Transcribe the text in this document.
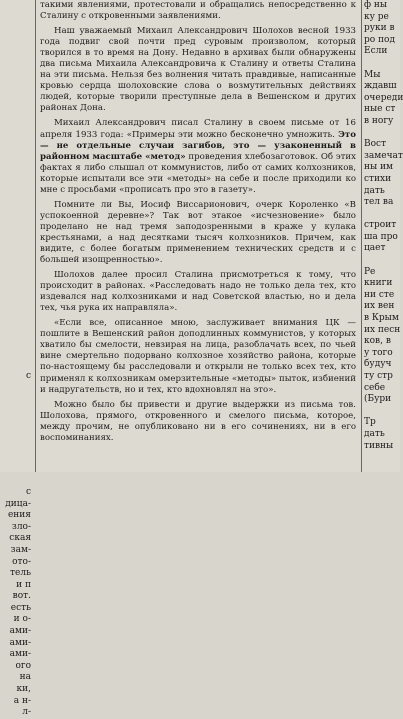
с

с

дица-

ения

зло-

ская

зам-

ото-

тель

и п

вот.

есть

и о-

ами-

ами-

ами-

ого

на

ки,

а н-

л-

такими явлениями, протестовали и обращались непосредственно к Сталину с откровенными заявлениями.

Наш уважаемый Михаил Александрович Шолохов весной 1933 года подвиг свой почти пред суровым произволом, который творился в то время на Дону. Недавно в архивах были обнаружены два письма Михаила Александровича к Сталину и ответы Сталина на эти письма. Нельзя без волнения читать правдивые, написанные кровью сердца шолоховские слова о возмутительных действиях людей, которые творили преступные дела в Вешенском и других районах Дона.

Михаил Александрович писал Сталину в своем письме от 16 апреля 1933 года: «Примеры эти можно бесконечно умножить. Это — не отдельные случаи загибов, это — узаконенный в районном масштабе «метод» проведения хлебозаготовок. Об этих фактах я либо слышал от коммунистов, либо от самих колхозников, которые испытали все эти «методы» на себе и после приходили ко мне с просьбами «прописать про это в газету».

Помните ли Вы, Иосиф Виссарионович, очерк Короленко «В успокоенной деревне»? Так вот этакое «исчезновение» было проделано не над тремя заподозренными в краже у кулака крестьянами, а над десятками тысяч колхозников. Причем, как видите, с более богатым применением технических средств и с большей изощренностью».

Шолохов далее просил Сталина присмотреться к тому, что происходит в районах. «Расследовать надо не только дела тех, кто издевался над колхозниками и над Советской властью, но и дела тех, чья рука их направляла».

«Если все, описанное мною, заслуживает внимания ЦК — пошлите в Вешенский район доподлинных коммунистов, у которых хватило бы смелости, невзирая на лица, разоблачать всех, по чьей вине смертельно подорвано колхозное хозяйство района, которые по-настоящему бы расследовали и открыли не только всех тех, кто применял к колхозникам омерзительные «методы» пыток, избиений и надругательств, но и тех, кто вдохновлял на это».

Можно было бы привести и другие выдержки из письма тов. Шолохова, прямого, откровенного и смелого письма, которое, между прочим, не опубликовано ни в его сочинениях, ни в его воспоминаниях.

ф ны

ку ре

руки в

ро под

Если

Мы

ждавш

очереди

ные ст

в ногу

Вост

замечат

ны им

стихи

дать

тел ва

строит

ша про

цает

Ре

книги

ни сте

их вен

в Крым

их песн

ков, в

у того

будуч

ту стр

себе

(Бури

Тр

дать

тивны
